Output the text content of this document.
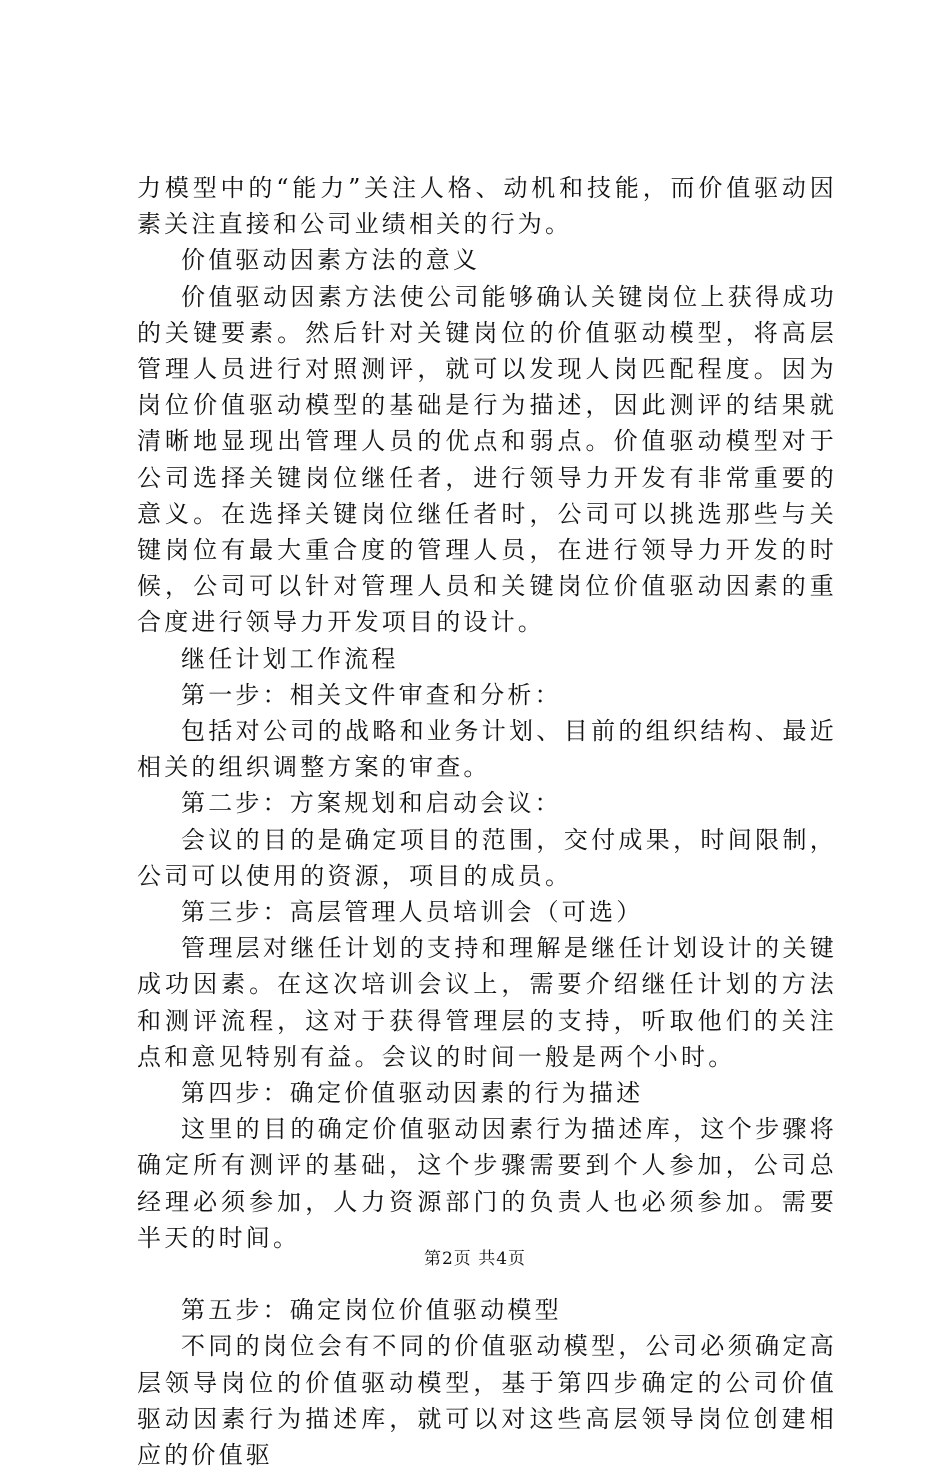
力模型中的“能力”关注人格、动机和技能，而价值驱动因素关注直接和公司业绩相关的行为。

价值驱动因素方法的意义

价值驱动因素方法使公司能够确认关键岗位上获得成功的关键要素。然后针对关键岗位的价值驱动模型，将高层管理人员进行对照测评，就可以发现人岗匹配程度。因为岗位价值驱动模型的基础是行为描述，因此测评的结果就清晰地显现出管理人员的优点和弱点。价值驱动模型对于公司选择关键岗位继任者，进行领导力开发有非常重要的意义。在选择关键岗位继任者时，公司可以挑选那些与关键岗位有最大重合度的管理人员，在进行领导力开发的时候，公司可以针对管理人员和关键岗位价值驱动因素的重合度进行领导力开发项目的设计。

继任计划工作流程

第一步：相关文件审查和分析：

包括对公司的战略和业务计划、目前的组织结构、最近相关的组织调整方案的审查。

第二步：方案规划和启动会议：

会议的目的是确定项目的范围，交付成果，时间限制，公司可以使用的资源，项目的成员。

第三步：高层管理人员培训会（可选）

管理层对继任计划的支持和理解是继任计划设计的关键成功因素。在这次培训会议上，需要介绍继任计划的方法和测评流程，这对于获得管理层的支持，听取他们的关注点和意见特别有益。会议的时间一般是两个小时。

第四步：确定价值驱动因素的行为描述

这里的目的确定价值驱动因素行为描述库，这个步骤将确定所有测评的基础，这个步骤需要到个人参加，公司总经理必须参加，人力资源部门的负责人也必须参加。需要半天的时间。

第五步：确定岗位价值驱动模型

不同的岗位会有不同的价值驱动模型，公司必须确定高层领导岗位的价值驱动模型，基于第四步确定的公司价值驱动因素行为描述库，就可以对这些高层领导岗位创建相应的价值驱

第2页 共4页
